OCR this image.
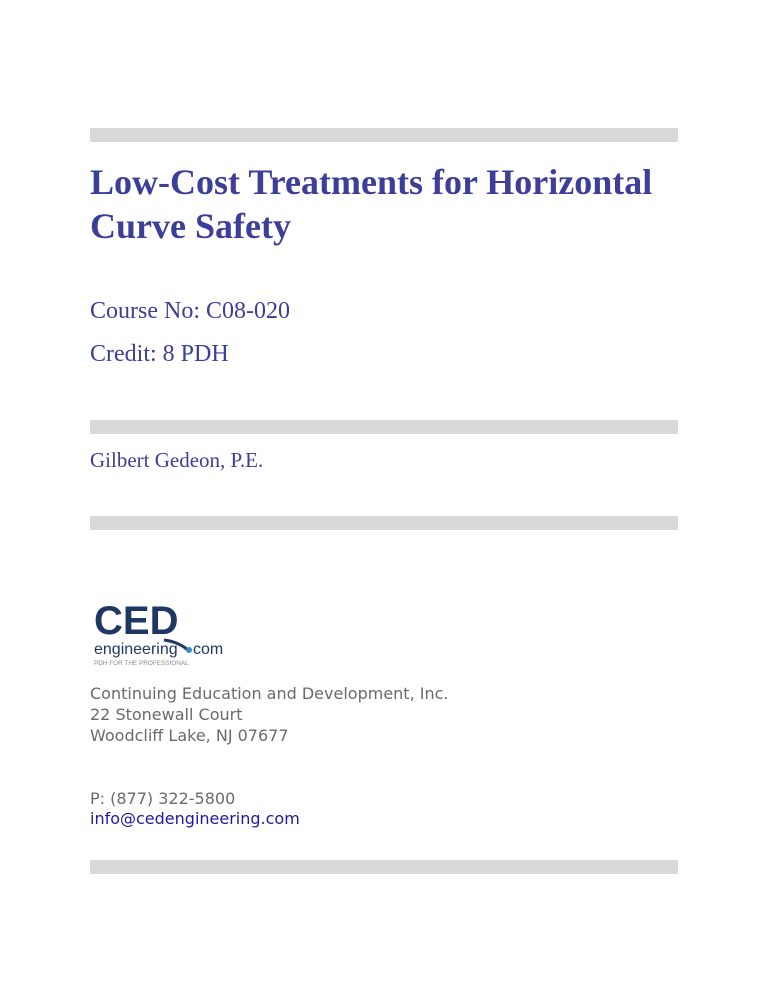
Low-Cost Treatments for Horizontal Curve Safety

Course No: C08-020

Credit: 8 PDH

Gilbert Gedeon, P.E.

CED
engineering com
PDH FOR THE PROFESSIONAL

Continuing Education and Development, Inc.

22 Stonewall Court

Woodcliff Lake, NJ 07677

P: (877) 322-5800

info@cedengineering.com
